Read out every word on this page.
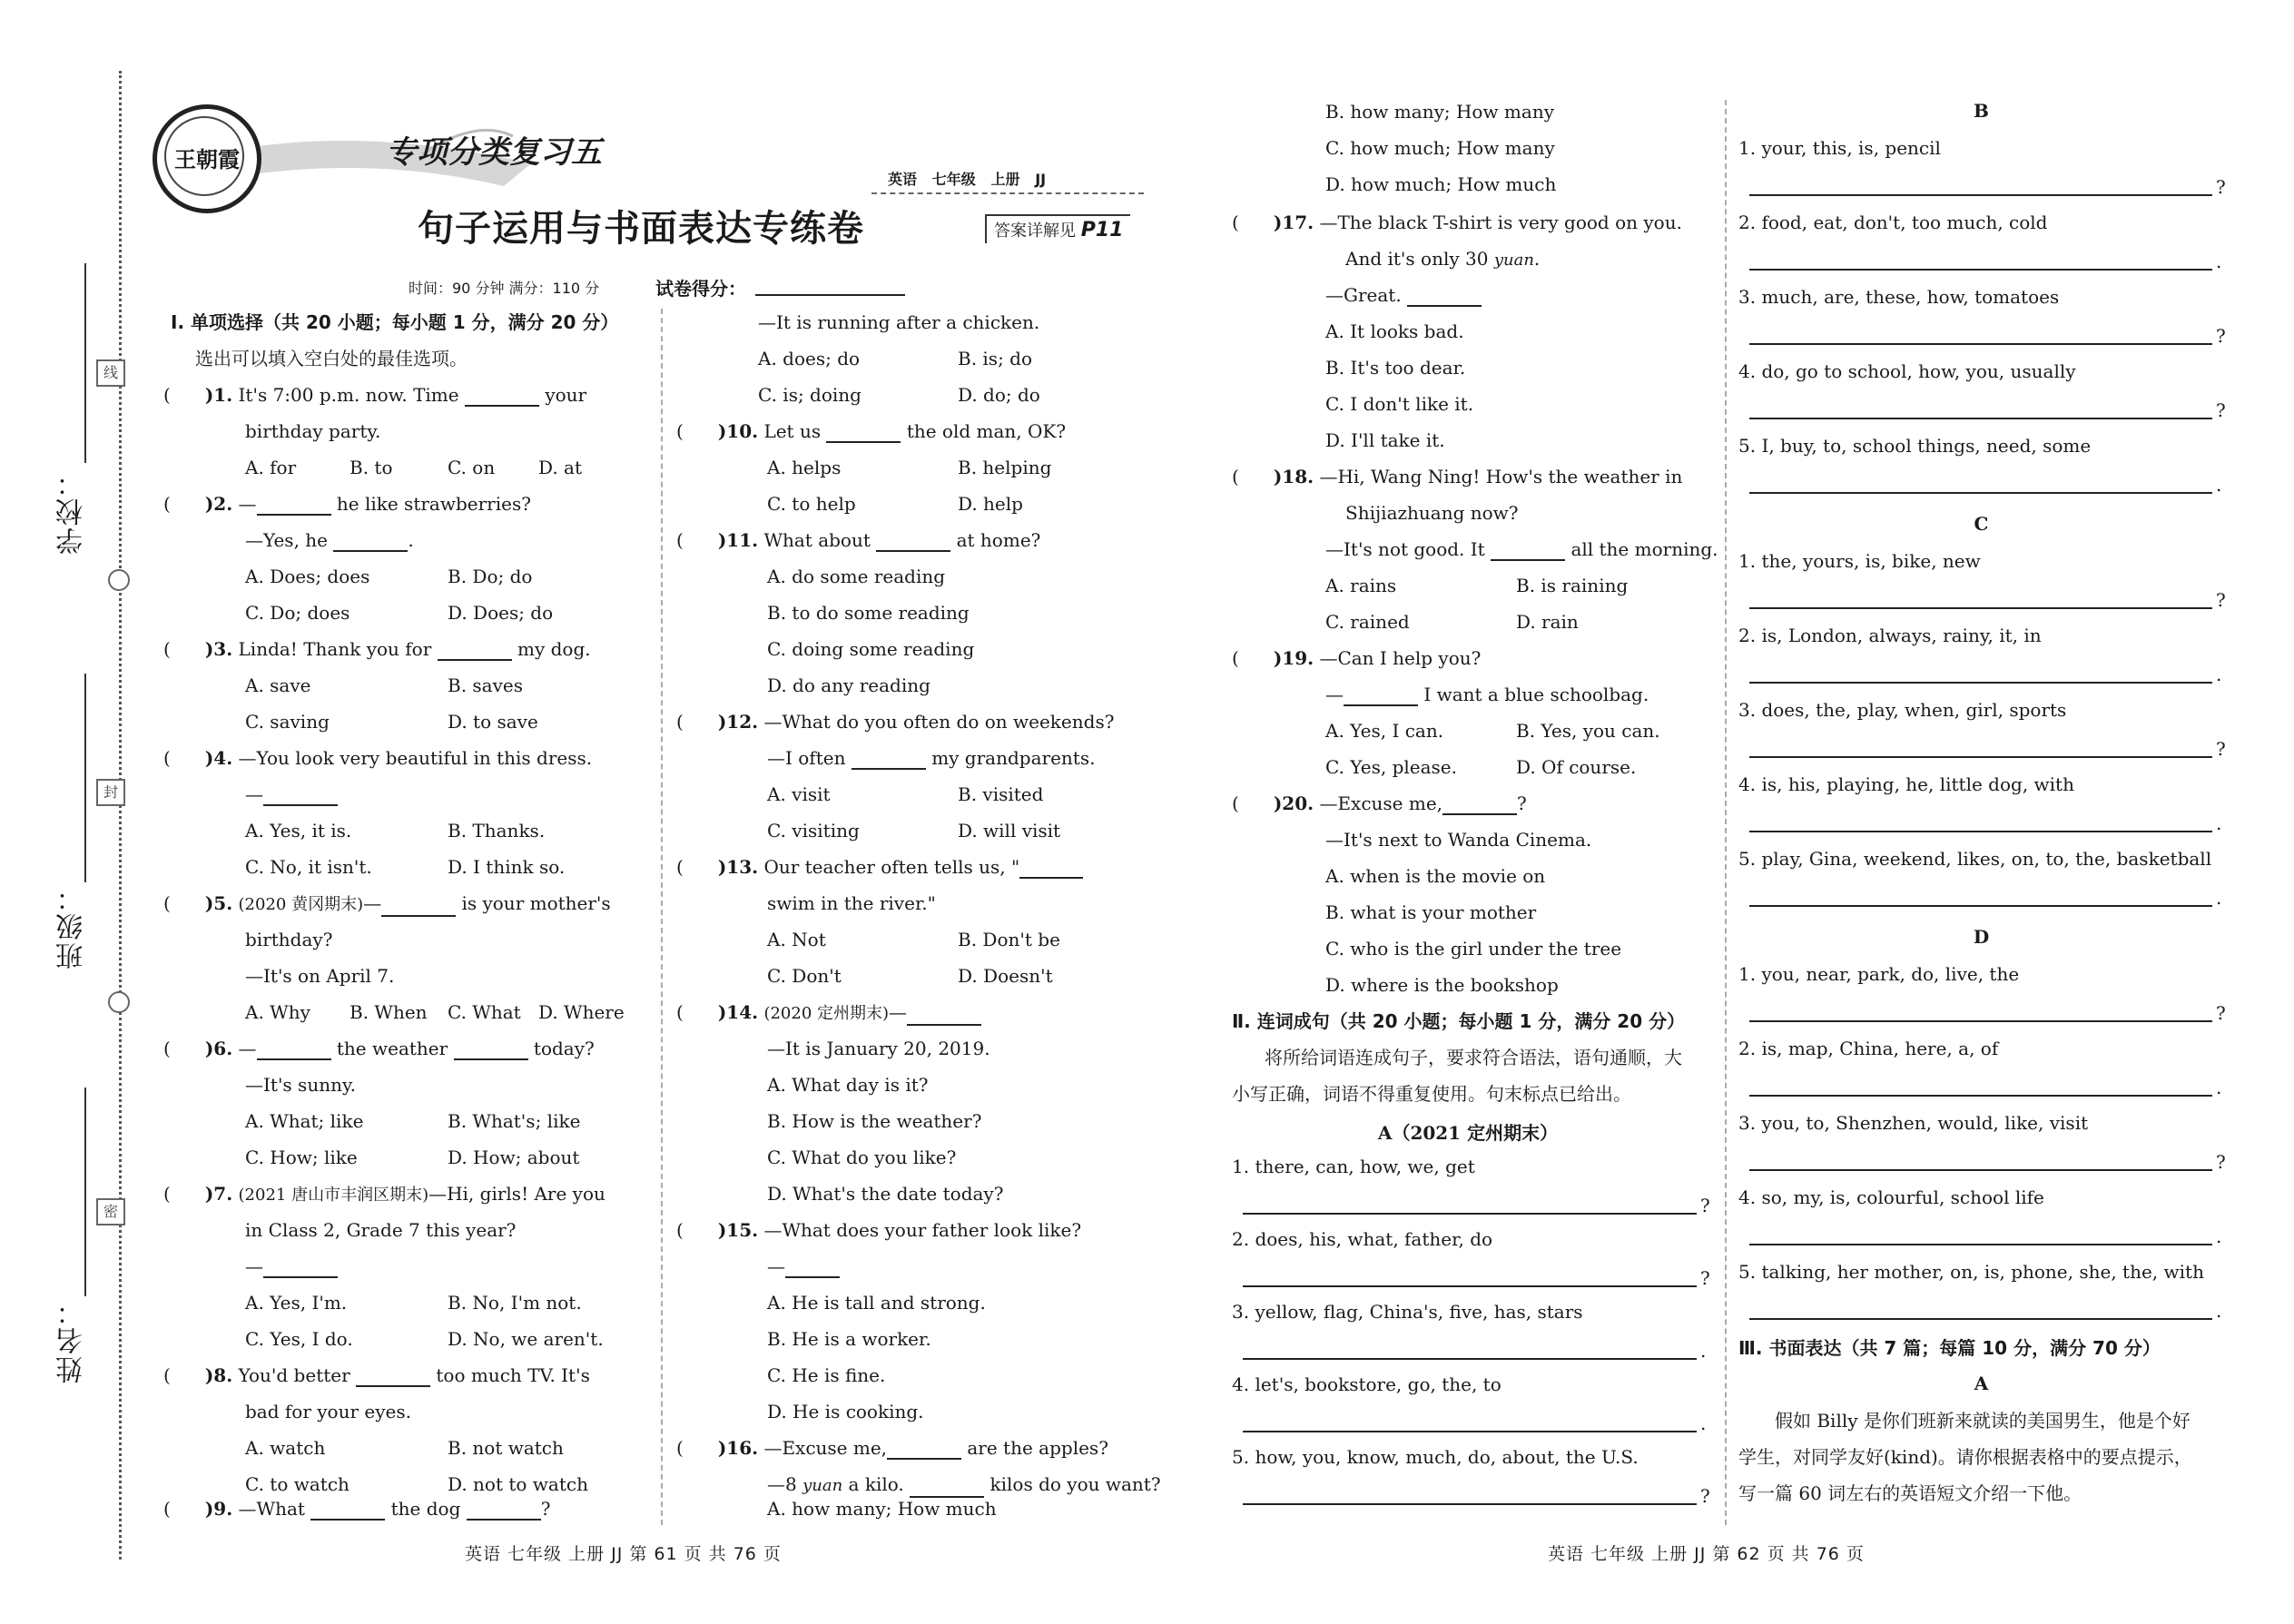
线
封
密
学校：
班级：
姓名：
王朝霞	专项分类复习五
句子运用与书面表达专练卷
英语 七年级 上册 JJ
答案详解见 P11
时间：90 分钟 满分：110 分	试卷得分：
Ⅰ. 单项选择（共 20 小题；每小题 1 分，满分 20 分）
选出可以填入空白处的最佳选项。
( )1. It's 7:00 p.m. now. Time	your
birthday party.
A. for	B. to	C. on D. at
( )2. —	he like strawberries?
—Yes, he	.
A. Does; does	B. Do; do
C. Do; does	D. Does; do
( )3. Linda! Thank you for	my dog.
A. save	B. saves
C. saving	D. to save
( )4. —You look very beautiful in this dress.
—
A. Yes, it is.	B. Thanks.
C. No, it isn't.	D. I think so.
( )5. (2020 黄冈期末)—	is your mother's
birthday?
—It's on April 7.
A. Why B. When C. What D. Where
( )6. —	the weather	today?
—It's sunny.
A. What; like	B. What's; like
C. How; like	D. How; about
( )7. (2021 唐山市丰润区期末)—Hi, girls! Are you
in Class 2, Grade 7 this year?
—
A. Yes, I'm.	B. No, I'm not.
C. Yes, I do.	D. No, we aren't.
( )8. You'd better	too much TV. It's
bad for your eyes.
A. watch	B. not watch
C. to watch	D. not to watch
( )9. —What	the dog	?
—It is running after a chicken.
A. does; do	B. is; do
C. is; doing	D. do; do
( )10. Let us	the old man, OK?
A. helps	B. helping
C. to help	D. help
( )11. What about	at home?
A. do some reading
B. to do some reading
C. doing some reading
D. do any reading
( )12. —What do you often do on weekends?
—I often	my grandparents.
A. visit	B. visited
C. visiting	D. will visit
( )13. Our teacher often tells us, "
swim in the river."
A. Not	B. Don't be
C. Don't	D. Doesn't
( )14. (2020 定州期末)—
—It is January 20, 2019.
A. What day is it?
B. How is the weather?
C. What do you like?
D. What's the date today?
( )15. —What does your father look like?
—
A. He is tall and strong.
B. He is a worker.
C. He is fine.
D. He is cooking.
( )16. —Excuse me,	are the apples?
—8 yuan a kilo.	kilos do you want?
A. how many; How much
B. how many; How many
C. how much; How many
D. how much; How much
( )17. —The black T-shirt is very good on you.
And it's only 30 yuan.
—Great.
A. It looks bad.
B. It's too dear.
C. I don't like it.
D. I'll take it.
( )18. —Hi, Wang Ning! How's the weather in
Shijiazhuang now?
—It's not good. It	all the morning.
A. rains	B. is raining
C. rained	D. rain
( )19. —Can I help you?
—	I want a blue schoolbag.
A. Yes, I can.	B. Yes, you can.
C. Yes, please.	D. Of course.
( )20. —Excuse me,	?
—It's next to Wanda Cinema.
A. when is the movie on
B. what is your mother
C. who is the girl under the tree
D. where is the bookshop
Ⅱ. 连词成句（共 20 小题；每小题 1 分，满分 20 分）
将所给词语连成句子，要求符合语法，语句通顺，大
小写正确，词语不得重复使用。句末标点已给出。
A（2021 定州期末）
1. there, can, how, we, get
?
2. does, his, what, father, do
?
3. yellow, flag, China's, five, has, stars
.
4. let's, bookstore, go, the, to
.
5. how, you, know, much, do, about, the U.S.
?
B
1. your, this, is, pencil
?
2. food, eat, don't, too much, cold
.
3. much, are, these, how, tomatoes
?
4. do, go to school, how, you, usually
?
5. I, buy, to, school things, need, some
.
C
1. the, yours, is, bike, new
?
2. is, London, always, rainy, it, in
.
3. does, the, play, when, girl, sports
?
4. is, his, playing, he, little dog, with
.
5. play, Gina, weekend, likes, on, to, the, basketball
.
D
1. you, near, park, do, live, the
?
2. is, map, China, here, a, of
.
3. you, to, Shenzhen, would, like, visit
?
4. so, my, is, colourful, school life
.
5. talking, her mother, on, is, phone, she, the, with
.
Ⅲ. 书面表达（共 7 篇；每篇 10 分，满分 70 分）
A
假如 Billy 是你们班新来就读的美国男生，他是个好
学生，对同学友好(kind)。请你根据表格中的要点提示，
写一篇 60 词左右的英语短文介绍一下他。
英语 七年级 上册 JJ 第 61 页 共 76 页	英语 七年级 上册 JJ 第 62 页 共 76 页
